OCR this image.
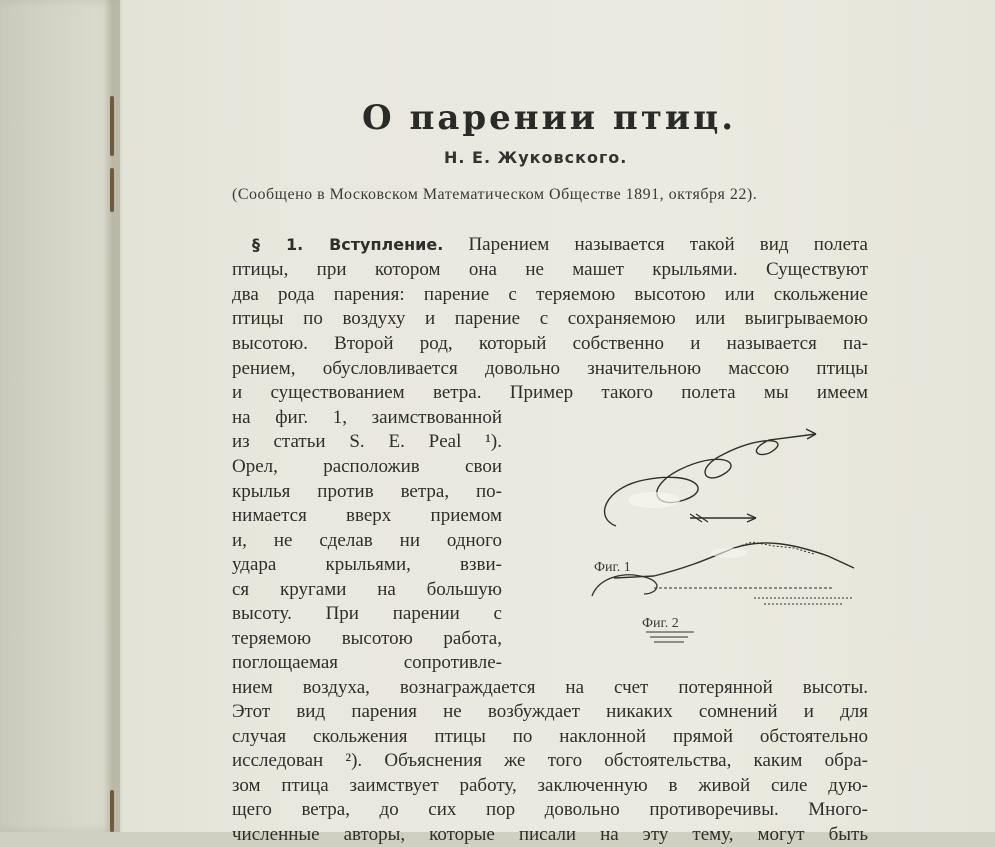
О парении птиц.
Н. Е. Жуковского.
(Сообщено в Московском Математическом Обществе 1891, октября 22).
§ 1. Вступление. Парением называется такой вид полета
птицы, при котором она не машет крыльями. Существуют
два рода парения: парение с теряемою высотою или скольжение
птицы по воздуху и парение с сохраняемою или выигрываемою
высотою. Второй род, который собственно и называется па-
рением, обусловливается довольно значительною массою птицы
и существованием ветра. Пример такого полета мы имеем
на фиг. 1, заимствованной
из статьи S. E. Peal ¹).
Орел, расположив свои
крылья против ветра, по-
нимается вверх приемом
и, не сделав ни одного
удара крыльями, взви-
ся кругами на большую
высоту. При парении с
теряемою высотою работа,
поглощаемая сопротивле-
нием воздуха, вознаграждается на счет потерянной высоты.
Этот вид парения не возбуждает никаких сомнений и для
случая скольжения птицы по наклонной прямой обстоятельно
исследован ²). Объяснения же того обстоятельства, каким обра-
зом птица заимствует работу, заключенную в живой силе дую-
щего ветра, до сих пор довольно противоречивы. Много-
численные авторы, которые писали на эту тему, могут быть
Фиг. 1
Фиг. 2
